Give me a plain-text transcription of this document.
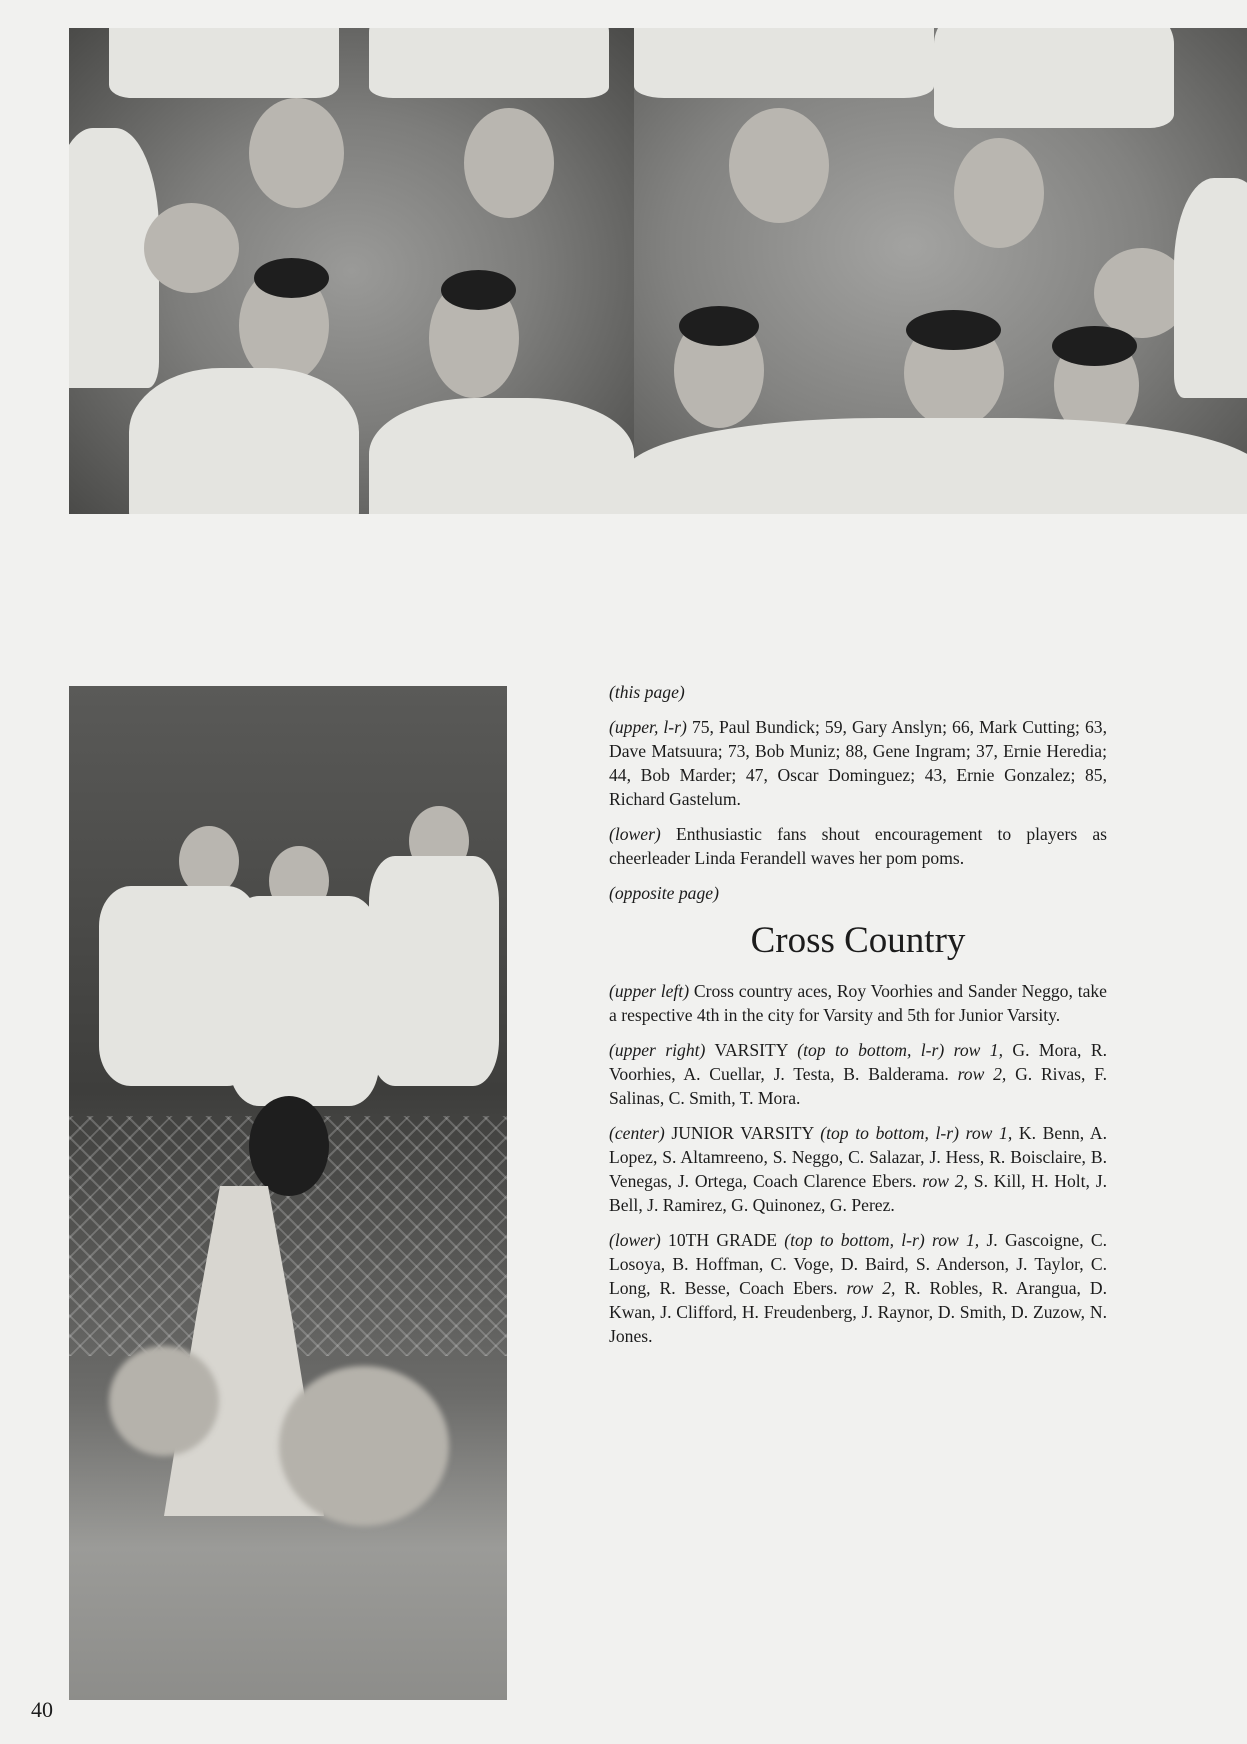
(this page)

(upper, l-r) 75, Paul Bundick; 59, Gary Anslyn; 66, Mark Cutting; 63, Dave Matsuura; 73, Bob Muniz; 88, Gene Ingram; 37, Ernie Heredia; 44, Bob Marder; 47, Oscar Dominguez; 43, Ernie Gonzalez; 85, Richard Gastelum.

(lower) Enthusiastic fans shout encouragement to players as cheerleader Linda Ferandell waves her pom poms.

(opposite page)

Cross Country

(upper left) Cross country aces, Roy Voorhies and Sander Neggo, take a respective 4th in the city for Varsity and 5th for Junior Varsity.

(upper right) VARSITY (top to bottom, l-r) row 1, G. Mora, R. Voorhies, A. Cuellar, J. Testa, B. Balderama. row 2, G. Rivas, F. Salinas, C. Smith, T. Mora.

(center) JUNIOR VARSITY (top to bottom, l-r) row 1, K. Benn, A. Lopez, S. Altamreeno, S. Neggo, C. Salazar, J. Hess, R. Boisclaire, B. Venegas, J. Ortega, Coach Clarence Ebers. row 2, S. Kill, H. Holt, J. Bell, J. Ramirez, G. Quinonez, G. Perez.

(lower) 10TH GRADE (top to bottom, l-r) row 1, J. Gascoigne, C. Losoya, B. Hoffman, C. Voge, D. Baird, S. Anderson, J. Taylor, C. Long, R. Besse, Coach Ebers. row 2, R. Robles, R. Arangua, D. Kwan, J. Clifford, H. Freudenberg, J. Raynor, D. Smith, D. Zuzow, N. Jones.

40
